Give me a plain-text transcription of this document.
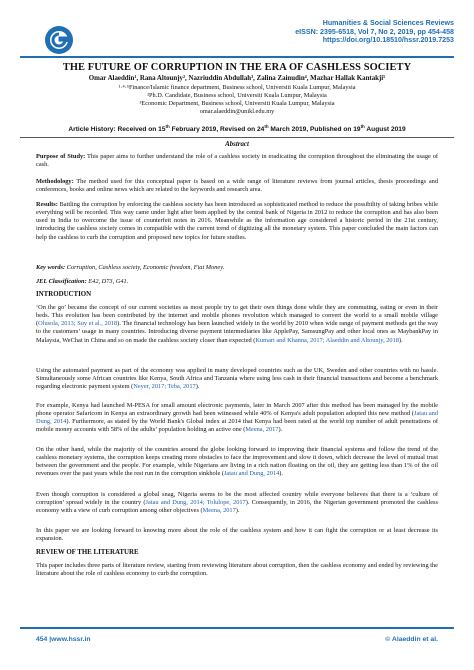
Humanities & Social Sciences Reviews
eISSN: 2395-6518, Vol 7, No 2, 2019, pp 454-458
https://doi.org/10.18510/hssr.2019.7253
THE FUTURE OF CORRUPTION IN THE ERA OF CASHLESS SOCIETY
Omar Alaeddin¹, Rana Altounjy², Nazriuddin Abdullah³, Zalina Zainudin⁴, Mazhar Hallak Kantakji⁵
¹·⁴·⁵Finance/Islamic finance department, Business school, Universiti Kuala Lumpur, Malaysia
²Ph.D. Candidate, Business school, Universiti Kuala Lumpur, Malaysia
³Economic Department, Business school, Universiti Kuala Lumpur, Malaysia
omar.alaeddin@unikl.edu.my
Article History: Received on 15th February 2019, Revised on 24th March 2019, Published on 19th August 2019
Abstract
Purpose of Study: This paper aims to further understand the role of a cashless society in eradicating the corruption throughout the eliminating the usage of cash.
Methodology: The method used for this conceptual paper is based on a wide range of literature reviews from journal articles, thesis proceedings and conferences, books and online news which are related to the keywords and research area.
Results: Battling the corruption by enforcing the cashless society has been introduced as sophisticated method to reduce the possibility of taking bribes while everything will be recorded. This way came under light after been applied by the central bank of Nigeria in 2012 to reduce the corruption and has also been used in India to overcome the issue of counterfeit notes in 2016. Meanwhile as the information age considered a historic period in the 21st century, introducing the cashless society comes in compatible with the current trend of digitizing all the monetary system. This paper concluded the main factors can help the cashless to curb the corruption and proposed new topics for future studies.
Key words: Corruption, Cashless society, Economic freedom, Fiat Money.
JEL Classification: E42, D73, G41.
INTRODUCTION
‘On the go’ became the concept of our current societies as most people try to get their own things done while they are commuting, eating or even in their beds. This evolution has been contributed by the internet and mobile phones revolution which managed to convert the world to a small mobile village (Olusola, 2013; Suy et al., 2018). The financial technology has been launched widely in the world by 2010 when wide range of payment methods get the way to the customers’ usage in many countries. Introducing diverse payment intermediaries like ApplePay, SamsungPay and other local ones as MaybankPay in Malaysia, WeChat in China and so on made the cashless society closer than expected (Kumari and Khanna, 2017; Alaeddin and Altounjy, 2018).
Using the automated payment as part of the economy was applied in many developed countries such as the UK, Sweden and other countries with no hassle. Simultaneously some African countries like Kenya, South Africa and Tanzania where using less cash in their financial transactions and become a benchmark regarding electronic payment system (Neyer, 2017; Teba, 2017).
For example, Kenya had launched M-PESA for small amount electronic payments, later in March 2007 after this method has been managed by the mobile phone operator Safaricom in Kenya an extraordinary growth had been witnessed while 40% of Kenya's adult population adopted this new method (Jatau and Dung, 2014). Furthermore, as stated by the World Bank's Global index at 2014 that Kenya had been rated at the world top number of adult penetrations of mobile money accounts with 58% of the adults’ population holding an active one (Meena, 2017).
On the other hand, while the majority of the countries around the globe looking forward to improving their financial systems and follow the trend of the cashless monetary systems, the corruption keeps creating more obstacles to face the improvement and slow it down, which decrease the level of mutual trust between the government and the people. For example, while Nigerians are living in a rich nation floating on the oil, they are getting less than 1% of the oil revenues over the past years while the rest run in the corruption sinkhole (Jatau and Dung, 2014).
Even though corruption is considered a global snag, Nigeria seems to be the most affected country while everyone believes that there is a ‘culture of corruption’ spread widely in the country (Jatau and Dung, 2014; Tolulope, 2017). Consequently, in 2016, the Nigerian government promoted the cashless economy with a view of curb corruption among other objectives (Meena, 2017).
In this paper we are looking forward to knowing more about the role of the cashless system and how it can fight the corruption or at least decrease its expansion.
REVIEW OF THE LITERATURE
This paper includes three parts of literature review, starting from reviewing literature about corruption, then the cashless economy and ended by reviewing the literature about the role of cashless economy to curb the corruption.
454 |www.hssr.in	© Alaeddin et al.
